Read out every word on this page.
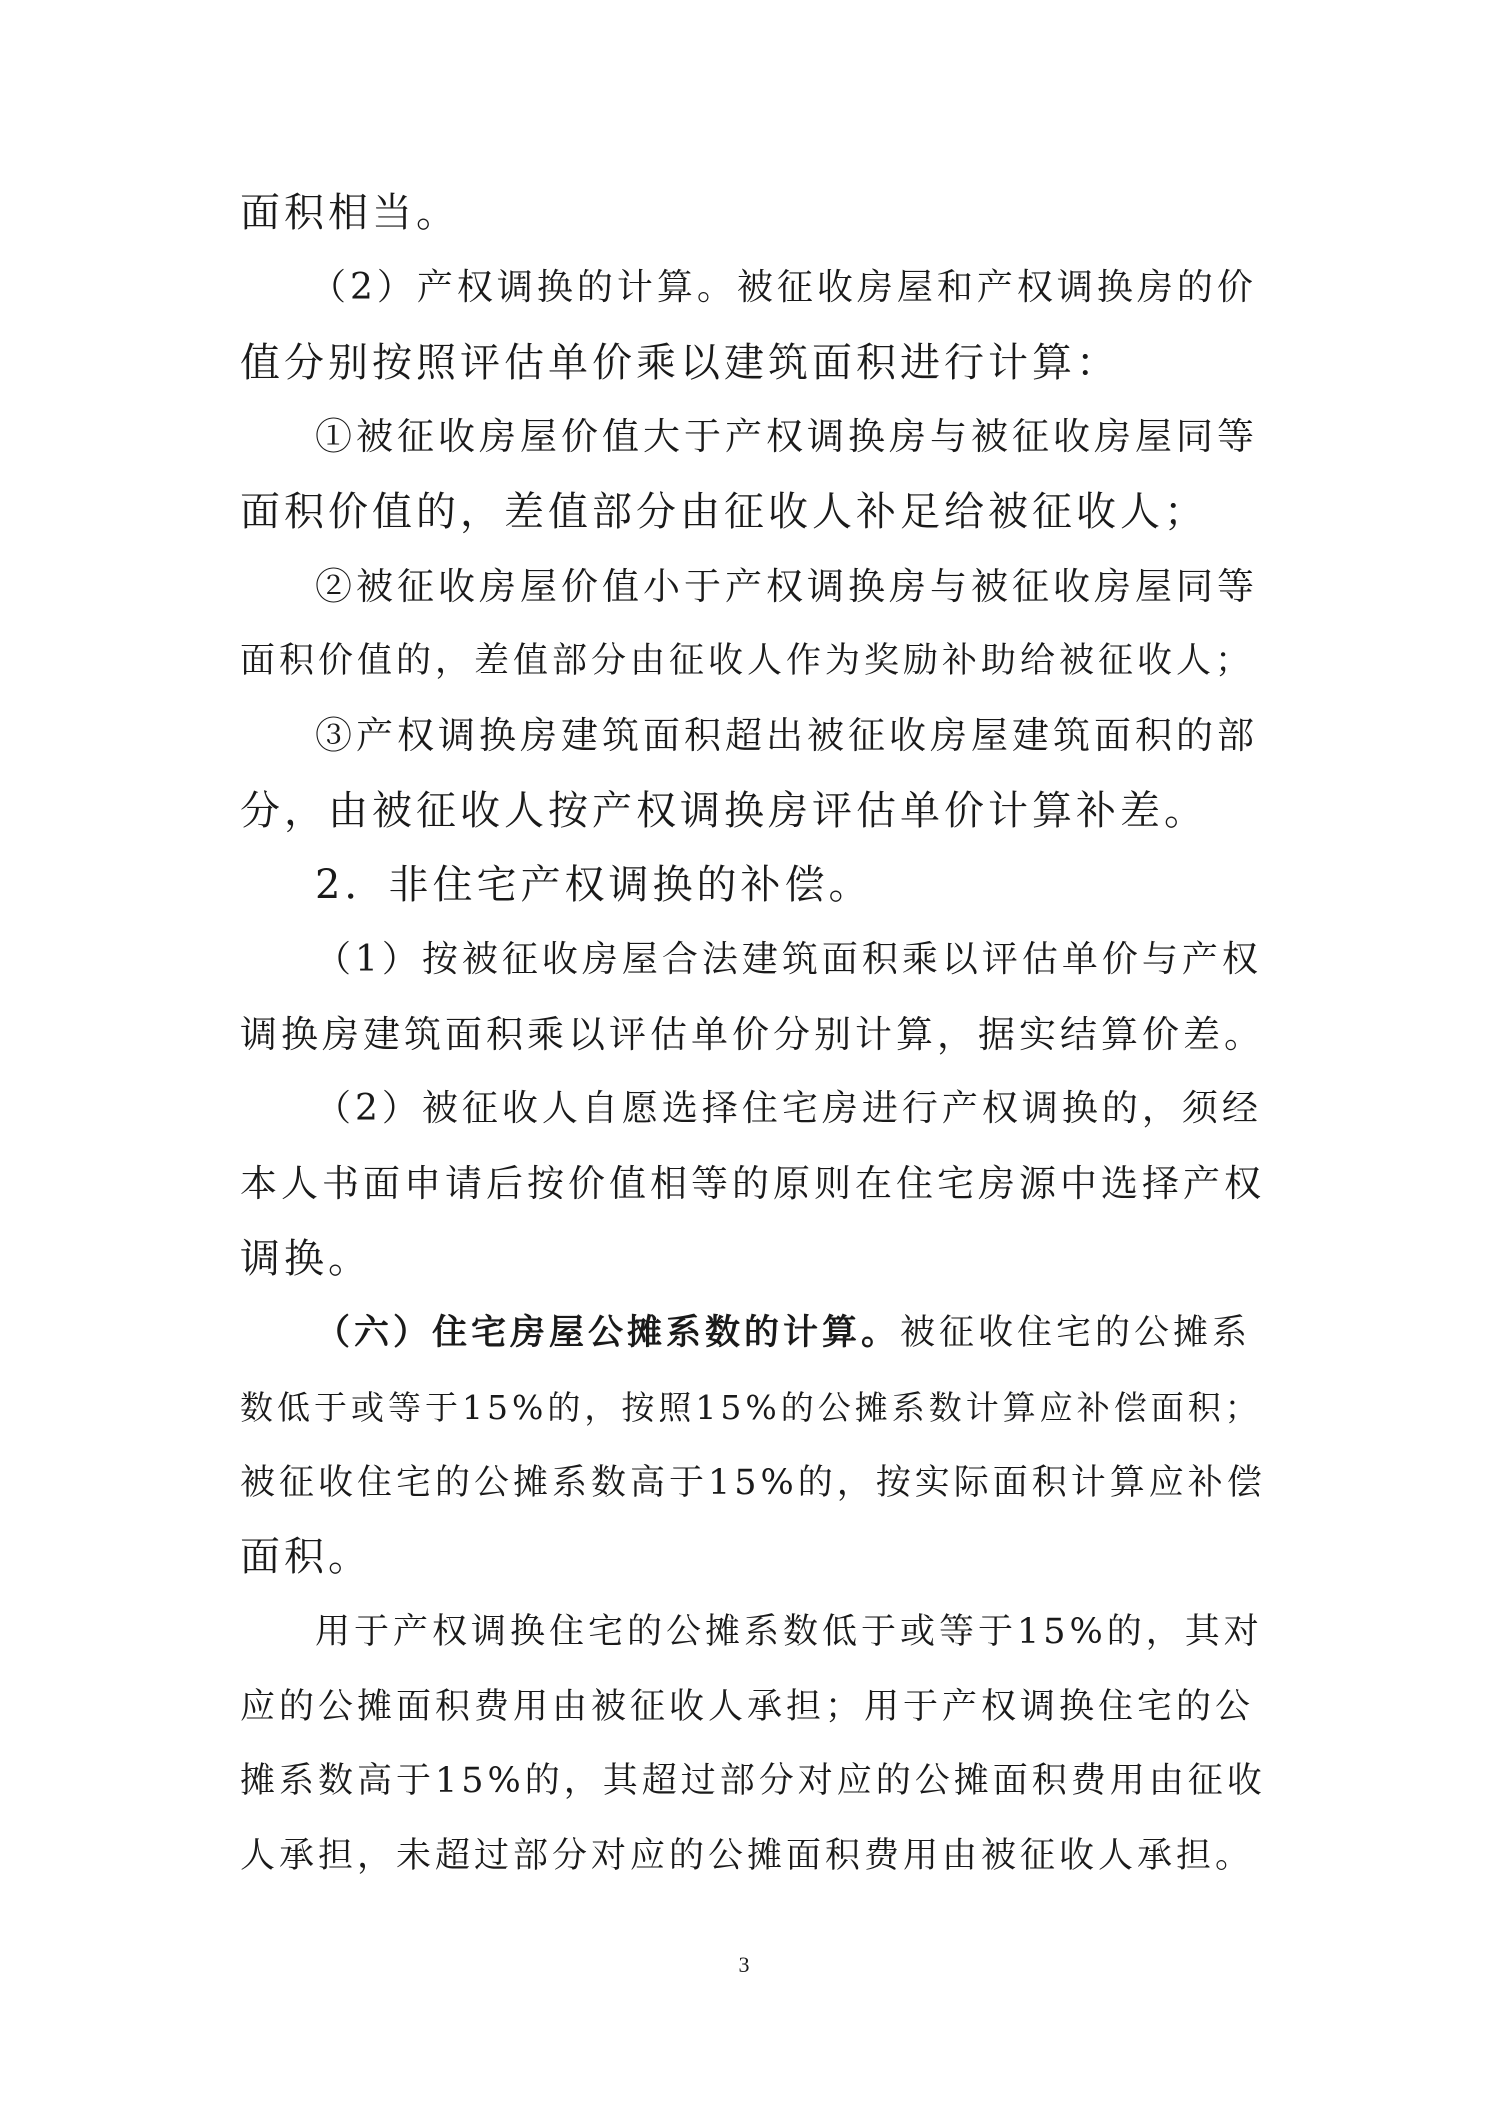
面积相当。

（2）产权调换的计算。被征收房屋和产权调换房的价

值分别按照评估单价乘以建筑面积进行计算：

①被征收房屋价值大于产权调换房与被征收房屋同等

面积价值的，差值部分由征收人补足给被征收人；

②被征收房屋价值小于产权调换房与被征收房屋同等

面积价值的，差值部分由征收人作为奖励补助给被征收人；

③产权调换房建筑面积超出被征收房屋建筑面积的部

分，由被征收人按产权调换房评估单价计算补差。

2．非住宅产权调换的补偿。

（1）按被征收房屋合法建筑面积乘以评估单价与产权

调换房建筑面积乘以评估单价分别计算，据实结算价差。

（2）被征收人自愿选择住宅房进行产权调换的，须经

本人书面申请后按价值相等的原则在住宅房源中选择产权

调换。

（六）住宅房屋公摊系数的计算。被征收住宅的公摊系

数低于或等于15%的，按照15%的公摊系数计算应补偿面积；

被征收住宅的公摊系数高于15%的，按实际面积计算应补偿

面积。

用于产权调换住宅的公摊系数低于或等于15%的，其对

应的公摊面积费用由被征收人承担；用于产权调换住宅的公

摊系数高于15%的，其超过部分对应的公摊面积费用由征收

人承担，未超过部分对应的公摊面积费用由被征收人承担。

3
